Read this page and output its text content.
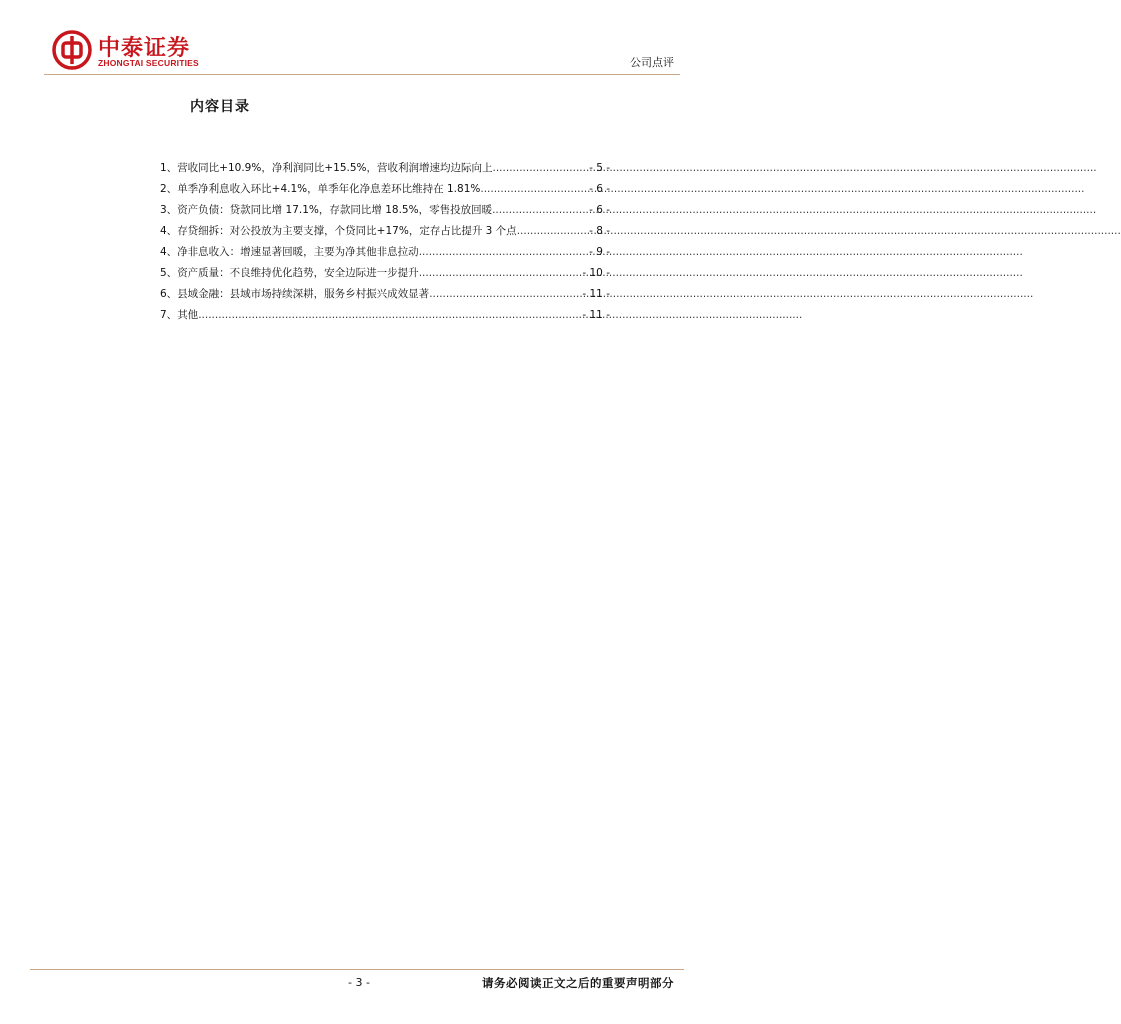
中泰证券
ZHONGTAI SECURITIES	公司点评
内容目录
1、 营收同比+10.9%，净利润同比+15.5%，营收利润增速均边际向上 .....	- 5 -
2、 单季净利息收入环比+4.1%，单季年化净息差环比维持在 1.81% .....	- 6 -
3、 资产负债：贷款同比增 17.1%，存款同比增 18.5%，零售投放回暖 .....	- 6 -
4、 存贷细拆：对公投放为主要支撑，个贷同比+17%，定存占比提升 3 个点 .....	- 8 -
4、 净非息收入：增速显著回暖，主要为净其他非息拉动 .....	- 9 -
5、 资产质量：不良维持优化趋势，安全边际进一步提升 .....	- 10 -
6、 县域金融：县域市场持续深耕，服务乡村振兴成效显著 .....	- 11 -
7、 其他 .....	- 11 -
- 3 -	请务必阅读正文之后的重要声明部分
